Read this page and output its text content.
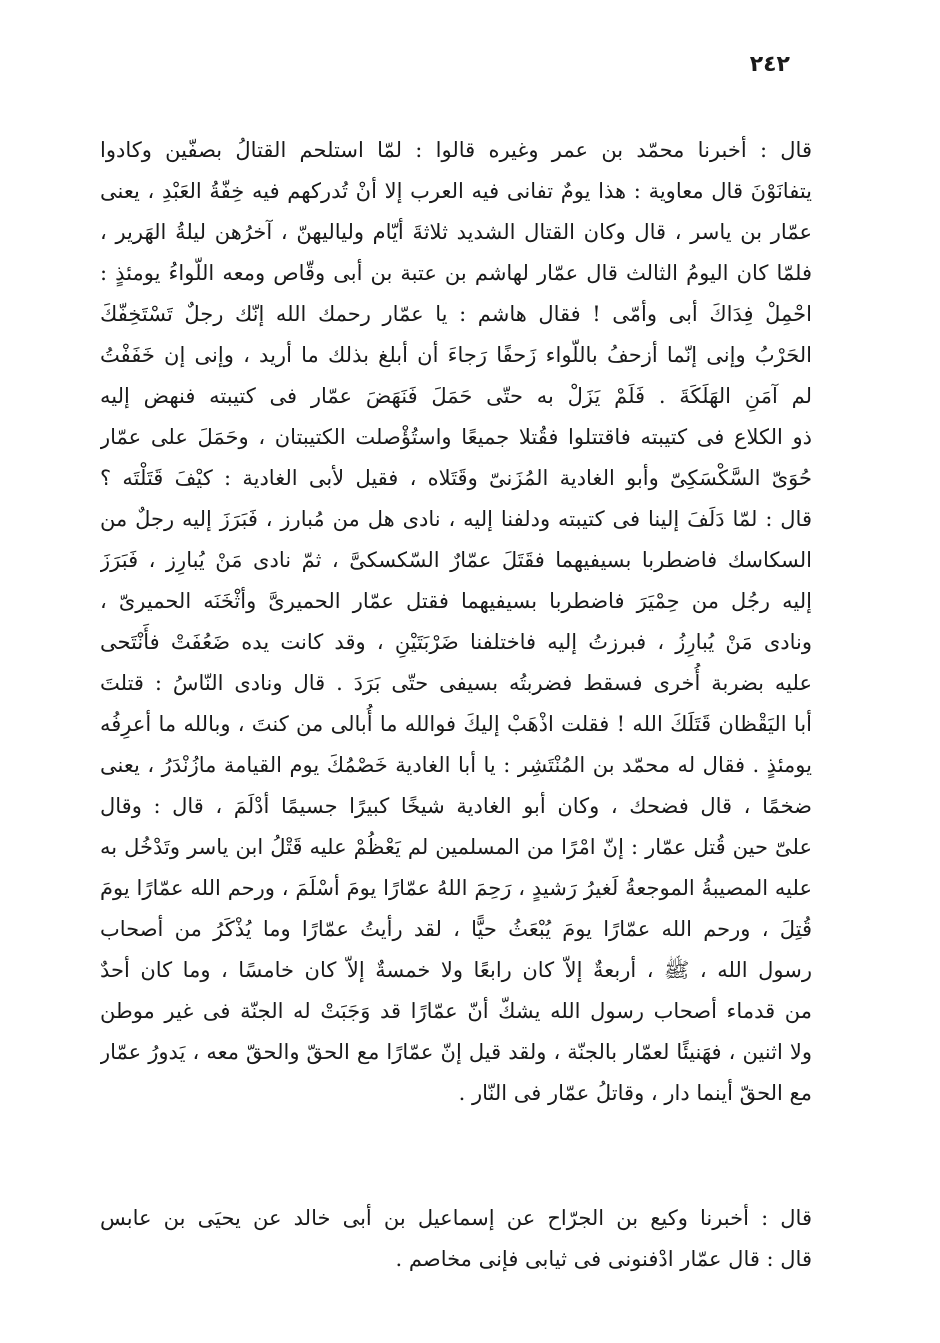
٢٤٢
قال : أخبرنا محمّد بن عمر وغيره قالوا : لمّا استلحم القتالُ بصفّين وكادوا
يتفانَوْنَ قال معاوية : هذا يومٌ تفانى فيه العرب إلا أنْ تُدركهم فيه خِفّةُ العَبْدِ ، يعنى
عمّار بن ياسر ، قال وكان القتال الشديد ثلاثةَ أيّام ولياليهنّ ، آخرُهن ليلةُ الهَرير ،
فلمّا كان اليومُ الثالث قال عمّار لهاشم بن عتبة بن أبى وقّاص ومعه اللّواءُ يومئذٍ :
احْمِلْ فِدَاكَ أبى وأمّى ! فقال هاشم : يا عمّار رحمك الله إنّك رجلٌ تَسْتَخِفّكَ
الحَرْبُ وإنى إنّما أزحفُ باللّواء زَحفًا رَجاءَ أن أبلغ بذلك ما أريد ، وإنى إن خَفَفْتُ
لم آمَنِ الهَلَكَةَ . فَلَمْ يَزَلْ به حتّى حَمَلَ فَنَهَضَ عمّار فى كتيبته فنهض إليه
ذو الكلاع فى كتيبته فاقتتلوا فقُتلا جميعًا واستُؤْصلت الكتيبتان ، وحَمَلَ على عمّار
حُوَىّ السَّكْسَكِىّ وأبو الغادية المُزَنىّ وقَتَلاه ، فقيل لأبى الغادية : كيْفَ قَتَلْتَه ؟
قال : لمّا دَلَفَ إلينا فى كتيبته ودلفنا إليه ، نادى هل من مُبارز ، فَبَرَزَ إليه رجلٌ من
السكاسك فاضطربا بسيفيهما فقَتَلَ عمّارٌ السّكسكىَّ ، ثمّ نادى مَنْ يُبارِز ، فَبَرَزَ
إليه رجُل من حِمْيَرَ فاضطربا بسيفيهما فقتل عمّار الحميرىَّ وأثْخَنَه الحميرىّ ،
ونادى مَنْ يُبارِزُ ، فبرزتُ إليه فاختلفنا ضَرْبَتَيْنِ ، وقد كانت يده ضَعُفَتْ فأَنْتَحى
عليه بضربة أُخرى فسقط فضربتُه بسيفى حتّى بَرَدَ . قال ونادى النّاسُ : قتلتَ
أبا اليَقْظان قَتَلَكَ الله ! فقلت اذْهَبْ إليكَ فوالله ما أُبالى من كنتَ ، وبالله ما أعرِفُه
يومئذٍ . فقال له محمّد بن المُنْتَشِر : يا أبا الغادية خَصْمُكَ يوم القيامة مازُنْدَرُ ، يعنى
ضخمًا ، قال فضحك ، وكان أبو الغادية شيخًا كبيرًا جسيمًا أدْلَمَ ، قال : وقال
علىّ حين قُتل عمّار : إنّ امْرًا من المسلمين لم يَعْظُمْ عليه قَتْلُ ابن ياسر وتَدْخُل به
عليه المصيبةُ الموجعةُ لَغيرُ رَشيدٍ ، رَحِمَ اللهُ عمّارًا يومَ أسْلَمَ ، ورحم الله عمّارًا يومَ
قُتِلَ ، ورحم الله عمّارًا يومَ يُبْعَثُ حيًّا ، لقد رأيتُ عمّارًا وما يُذْكَرُ من أصحاب
رسول الله ، ﷺ ، أربعةٌ إلاّ كان رابعًا ولا خمسةٌ إلاّ كان خامسًا ، وما كان أحدٌ
من قدماء أصحاب رسول الله يشكّ أنّ عمّارًا قد وَجَبَتْ له الجنّة فى غير موطن
ولا اثنين ، فهَنيئًا لعمّار بالجنّة ، ولقد قيل إنّ عمّارًا مع الحقّ والحقّ معه ، يَدورُ عمّار
مع الحقّ أينما دار ، وقاتلُ عمّار فى النّار .
قال : أخبرنا وكيع بن الجرّاح عن إسماعيل بن أبى خالد عن يحيَى بن عابس
قال : قال عمّار ادْفنونى فى ثيابى فإنى مخاصم .
